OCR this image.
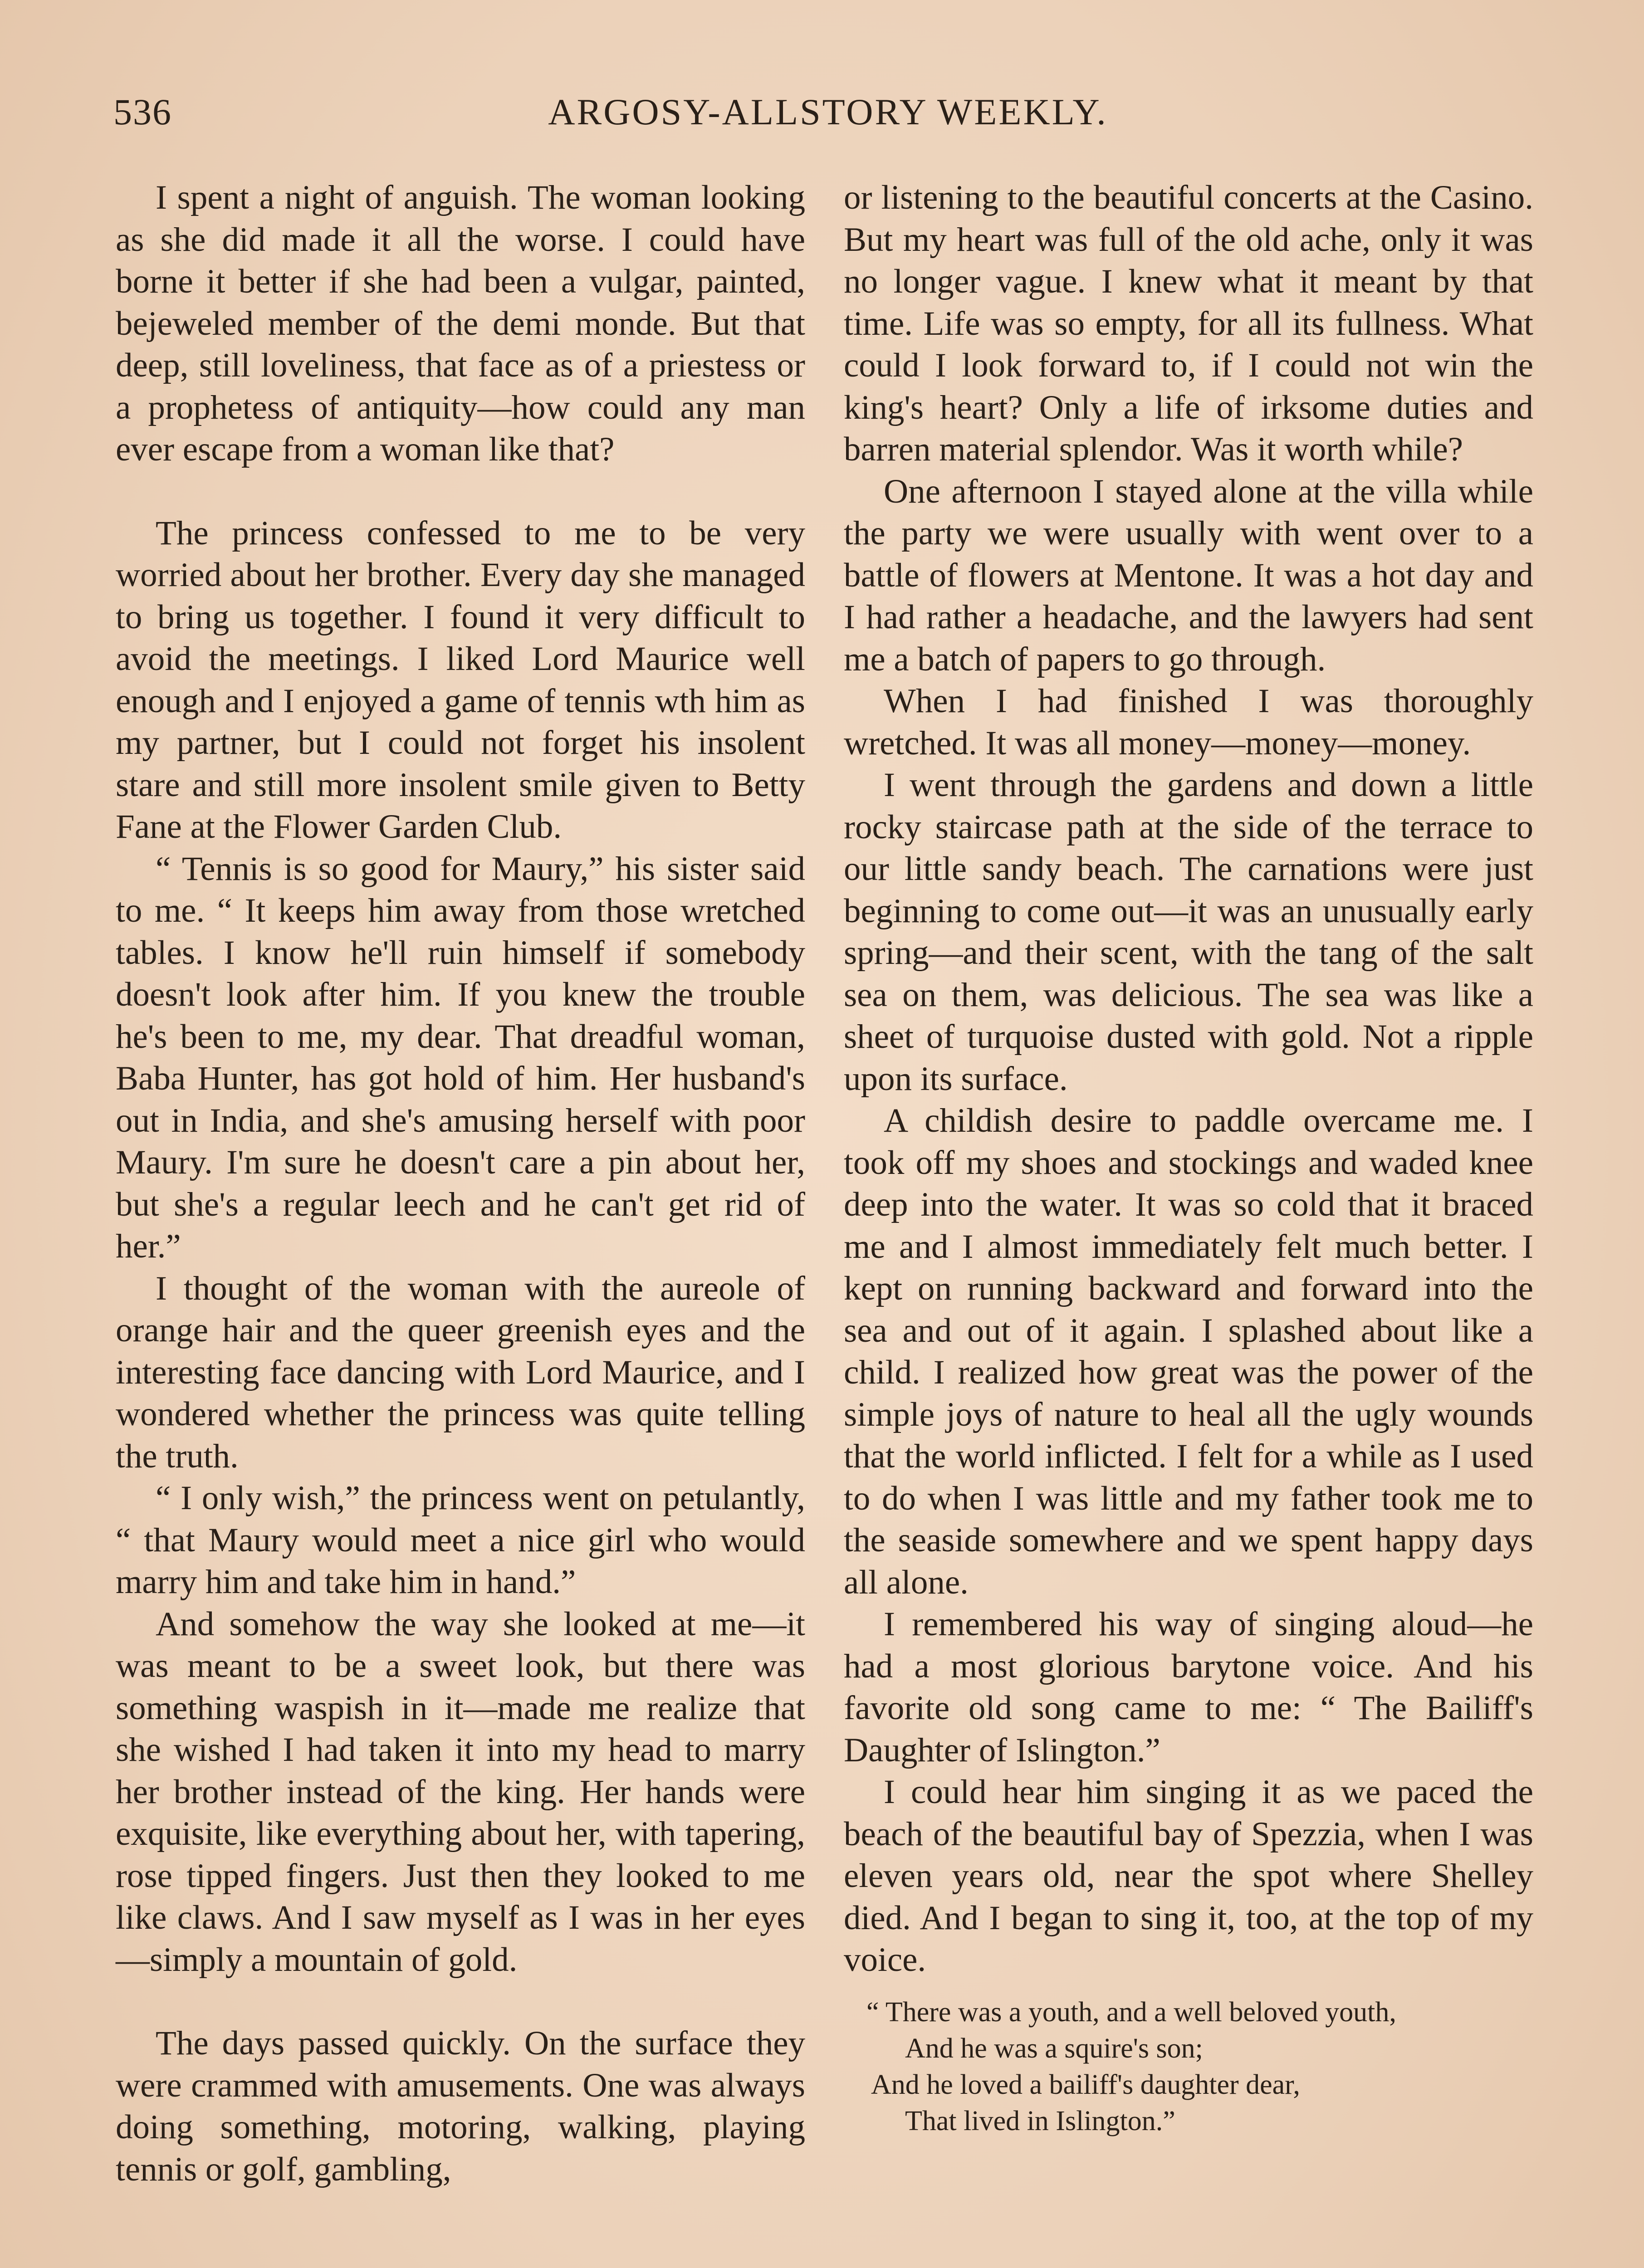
536	ARGOSY-ALLSTORY WEEKLY.

I spent a night of anguish. The woman looking as she did made it all the worse. I could have borne it better if she had been a vulgar, painted, bejeweled member of the demi monde. But that deep, still loveliness, that face as of a priestess or a prophetess of antiquity—how could any man ever escape from a woman like that?

The princess confessed to me to be very worried about her brother. Every day she managed to bring us together. I found it very difficult to avoid the meetings. I liked Lord Maurice well enough and I enjoyed a game of tennis wth him as my partner, but I could not forget his insolent stare and still more insolent smile given to Betty Fane at the Flower Garden Club.

“ Tennis is so good for Maury,” his sister said to me. “ It keeps him away from those wretched tables. I know he'll ruin himself if somebody doesn't look after him. If you knew the trouble he's been to me, my dear. That dreadful woman, Baba Hunter, has got hold of him. Her husband's out in India, and she's amusing herself with poor Maury. I'm sure he doesn't care a pin about her, but she's a regular leech and he can't get rid of her.”

I thought of the woman with the aureole of orange hair and the queer greenish eyes and the interesting face dancing with Lord Maurice, and I wondered whether the princess was quite telling the truth.

“ I only wish,” the princess went on petulantly, “ that Maury would meet a nice girl who would marry him and take him in hand.”

And somehow the way she looked at me—it was meant to be a sweet look, but there was something waspish in it—made me realize that she wished I had taken it into my head to marry her brother instead of the king. Her hands were exquisite, like everything about her, with tapering, rose tipped fingers. Just then they looked to me like claws. And I saw myself as I was in her eyes—simply a mountain of gold.

The days passed quickly. On the surface they were crammed with amusements. One was always doing something, motoring, walking, playing tennis or golf, gambling,

or listening to the beautiful concerts at the Casino. But my heart was full of the old ache, only it was no longer vague. I knew what it meant by that time. Life was so empty, for all its fullness. What could I look forward to, if I could not win the king's heart? Only a life of irksome duties and barren material splendor. Was it worth while?

One afternoon I stayed alone at the villa while the party we were usually with went over to a battle of flowers at Mentone. It was a hot day and I had rather a headache, and the lawyers had sent me a batch of papers to go through.

When I had finished I was thoroughly wretched. It was all money—money—money.

I went through the gardens and down a little rocky staircase path at the side of the terrace to our little sandy beach. The carnations were just beginning to come out—it was an unusually early spring—and their scent, with the tang of the salt sea on them, was delicious. The sea was like a sheet of turquoise dusted with gold. Not a ripple upon its surface.

A childish desire to paddle overcame me. I took off my shoes and stockings and waded knee deep into the water. It was so cold that it braced me and I almost immediately felt much better. I kept on running backward and forward into the sea and out of it again. I splashed about like a child. I realized how great was the power of the simple joys of nature to heal all the ugly wounds that the world inflicted. I felt for a while as I used to do when I was little and my father took me to the seaside somewhere and we spent happy days all alone.

I remembered his way of singing aloud—he had a most glorious barytone voice. And his favorite old song came to me: “ The Bailiff's Daughter of Islington.”

I could hear him singing it as we paced the beach of the beautiful bay of Spezzia, when I was eleven years old, near the spot where Shelley died. And I began to sing it, too, at the top of my voice.

“ There was a youth, and a well beloved youth,
And he was a squire's son;
And he loved a bailiff's daughter dear,
That lived in Islington.”
